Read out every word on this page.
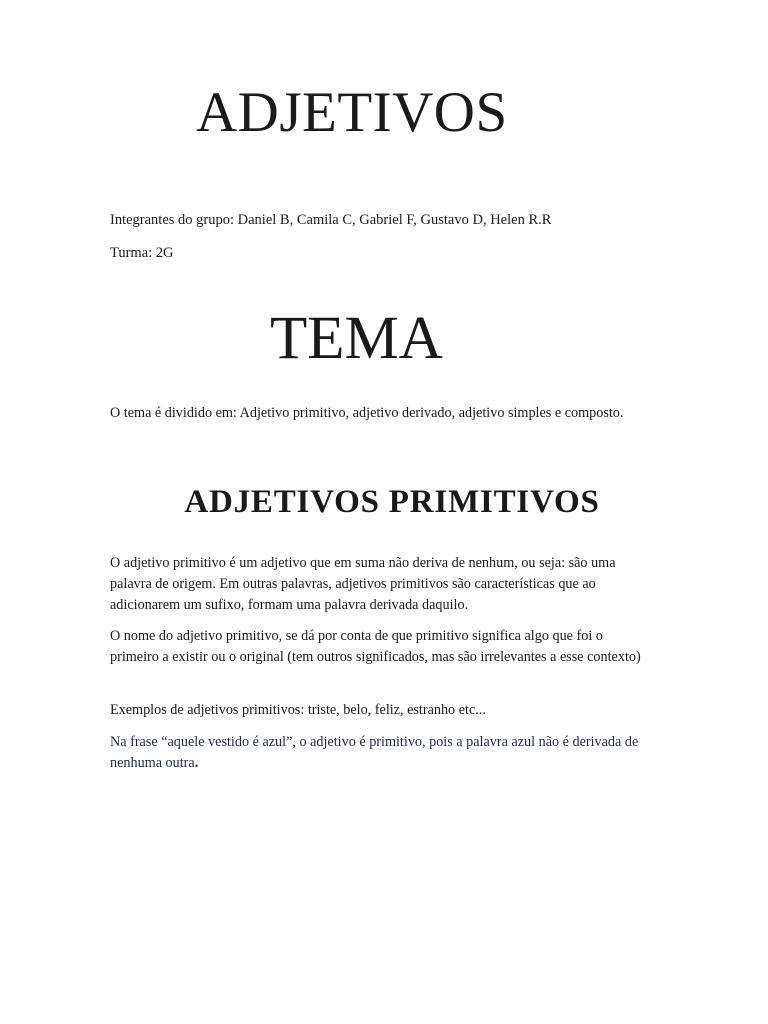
ADJETIVOS

Integrantes do grupo: Daniel B, Camila C, Gabriel F, Gustavo D, Helen R.R

Turma: 2G

TEMA

O tema é dividido em: Adjetivo primitivo, adjetivo derivado, adjetivo simples e composto.

ADJETIVOS PRIMITIVOS

O adjetivo primitivo é um adjetivo que em suma não deriva de nenhum, ou seja: são uma palavra de origem. Em outras palavras, adjetivos primitivos são características que ao adicionarem um sufixo, formam uma palavra derivada daquilo.

O nome do adjetivo primitivo, se dá por conta de que primitivo significa algo que foi o primeiro a existir ou o original (tem outros significados, mas são irrelevantes a esse contexto)

Exemplos de adjetivos primitivos: triste, belo, feliz, estranho etc...

Na frase “aquele vestido é azul”, o adjetivo é primitivo, pois a palavra azul não é derivada de nenhuma outra.
